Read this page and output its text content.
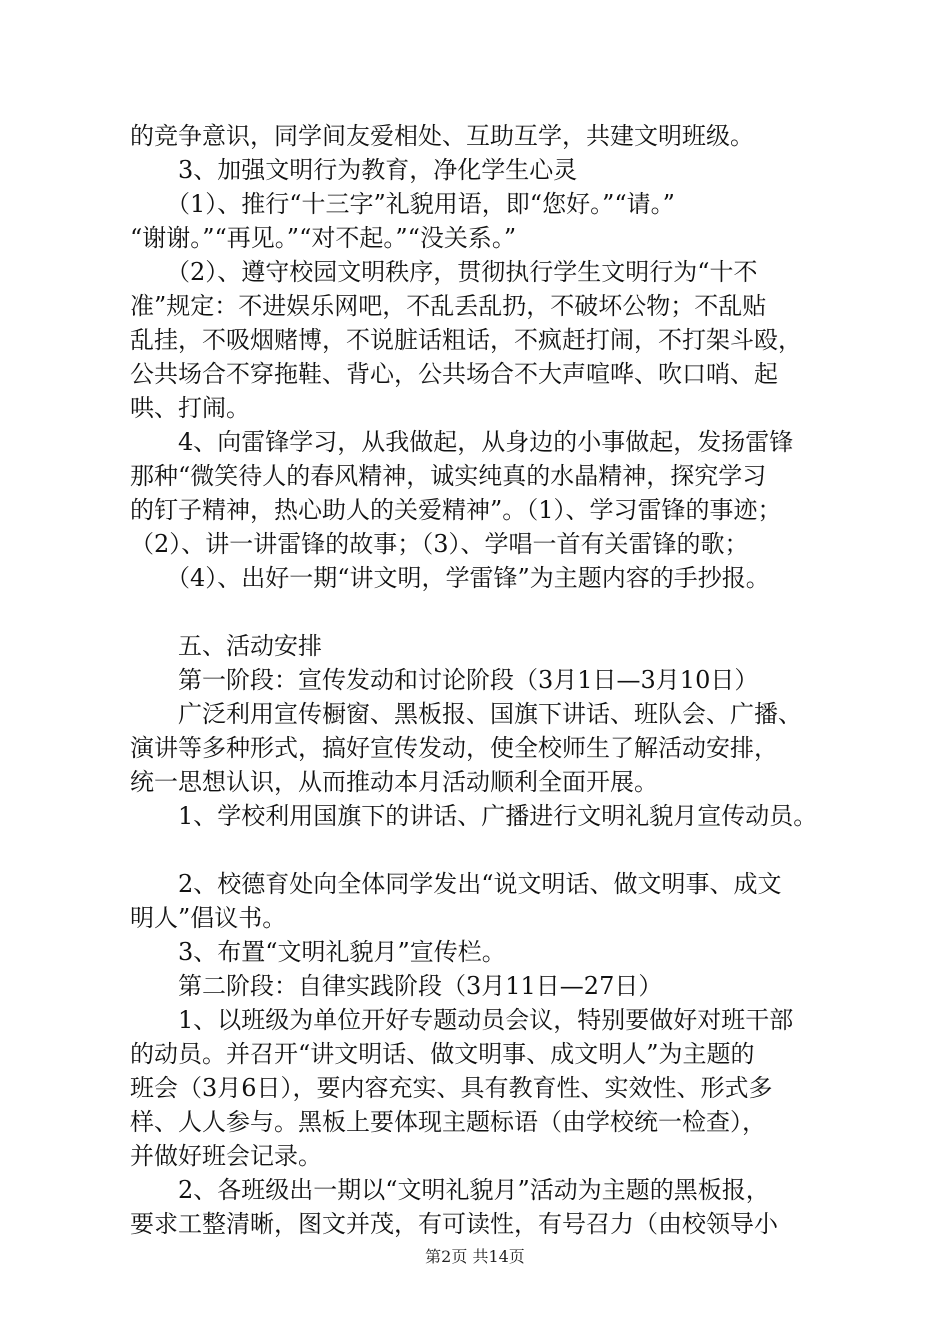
的竞争意识，同学间友爱相处、互助互学，共建文明班级。
　　3、加强文明行为教育，净化学生心灵
　　（1）、推行“十三字”礼貌用语，即“您好。”“请。”
“谢谢。”“再见。”“对不起。”“没关系。”
　　（2）、遵守校园文明秩序，贯彻执行学生文明行为“十不
准”规定：不进娱乐网吧，不乱丢乱扔，不破坏公物；不乱贴
乱挂，不吸烟赌博，不说脏话粗话，不疯赶打闹，不打架斗殴，
公共场合不穿拖鞋、背心，公共场合不大声喧哗、吹口哨、起
哄、打闹。
　　4、向雷锋学习，从我做起，从身边的小事做起，发扬雷锋
那种“微笑待人的春风精神，诚实纯真的水晶精神，探究学习
的钉子精神，热心助人的关爱精神”。（1）、学习雷锋的事迹；
（2）、讲一讲雷锋的故事；（3）、学唱一首有关雷锋的歌；
　　（4）、出好一期“讲文明，学雷锋”为主题内容的手抄报。
　　五、活动安排
　　第一阶段：宣传发动和讨论阶段（3月1日—3月10日）
　　广泛利用宣传橱窗、黑板报、国旗下讲话、班队会、广播、
演讲等多种形式，搞好宣传发动，使全校师生了解活动安排，
统一思想认识，从而推动本月活动顺利全面开展。
　　1、学校利用国旗下的讲话、广播进行文明礼貌月宣传动员。
　　2、校德育处向全体同学发出“说文明话、做文明事、成文
明人”倡议书。
　　3、布置“文明礼貌月”宣传栏。
　　第二阶段：自律实践阶段（3月11日—27日）
　　1、以班级为单位开好专题动员会议，特别要做好对班干部
的动员。并召开“讲文明话、做文明事、成文明人”为主题的
班会（3月6日），要内容充实、具有教育性、实效性、形式多
样、人人参与。黑板上要体现主题标语（由学校统一检查），
并做好班会记录。
　　2、各班级出一期以“文明礼貌月”活动为主题的黑板报，
要求工整清晰，图文并茂，有可读性，有号召力（由校领导小
第2页 共14页
